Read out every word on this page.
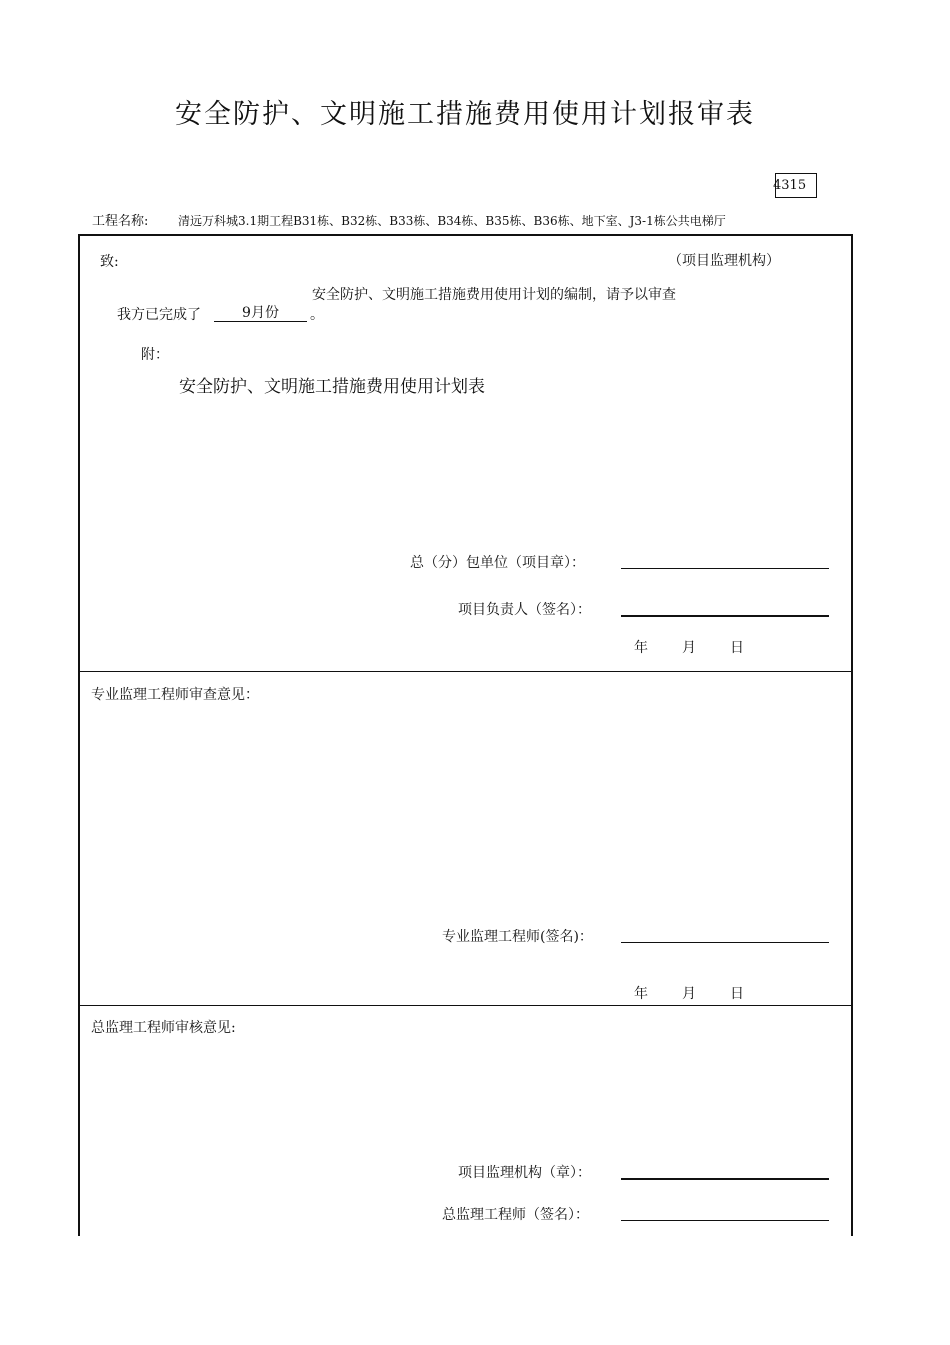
安全防护、文明施工措施费用使用计划报审表
4315
工程名称: 清远万科城3.1期工程B31栋、B32栋、B33栋、B34栋、B35栋、B36栋、地下室、J3-1栋公共电梯厅
致:	（项目监理机构）
安全防护、文明施工措施费用使用计划的编制，请予以审查
我方已完成了	9月份	。
附：
安全防护、文明施工措施费用使用计划表
总（分）包单位（项目章）：
项目负责人（签名）：
年 月 日
专业监理工程师审查意见：
专业监理工程师(签名)：
年 月 日
总监理工程师审核意见:
项目监理机构（章）：
总监理工程师（签名）：
